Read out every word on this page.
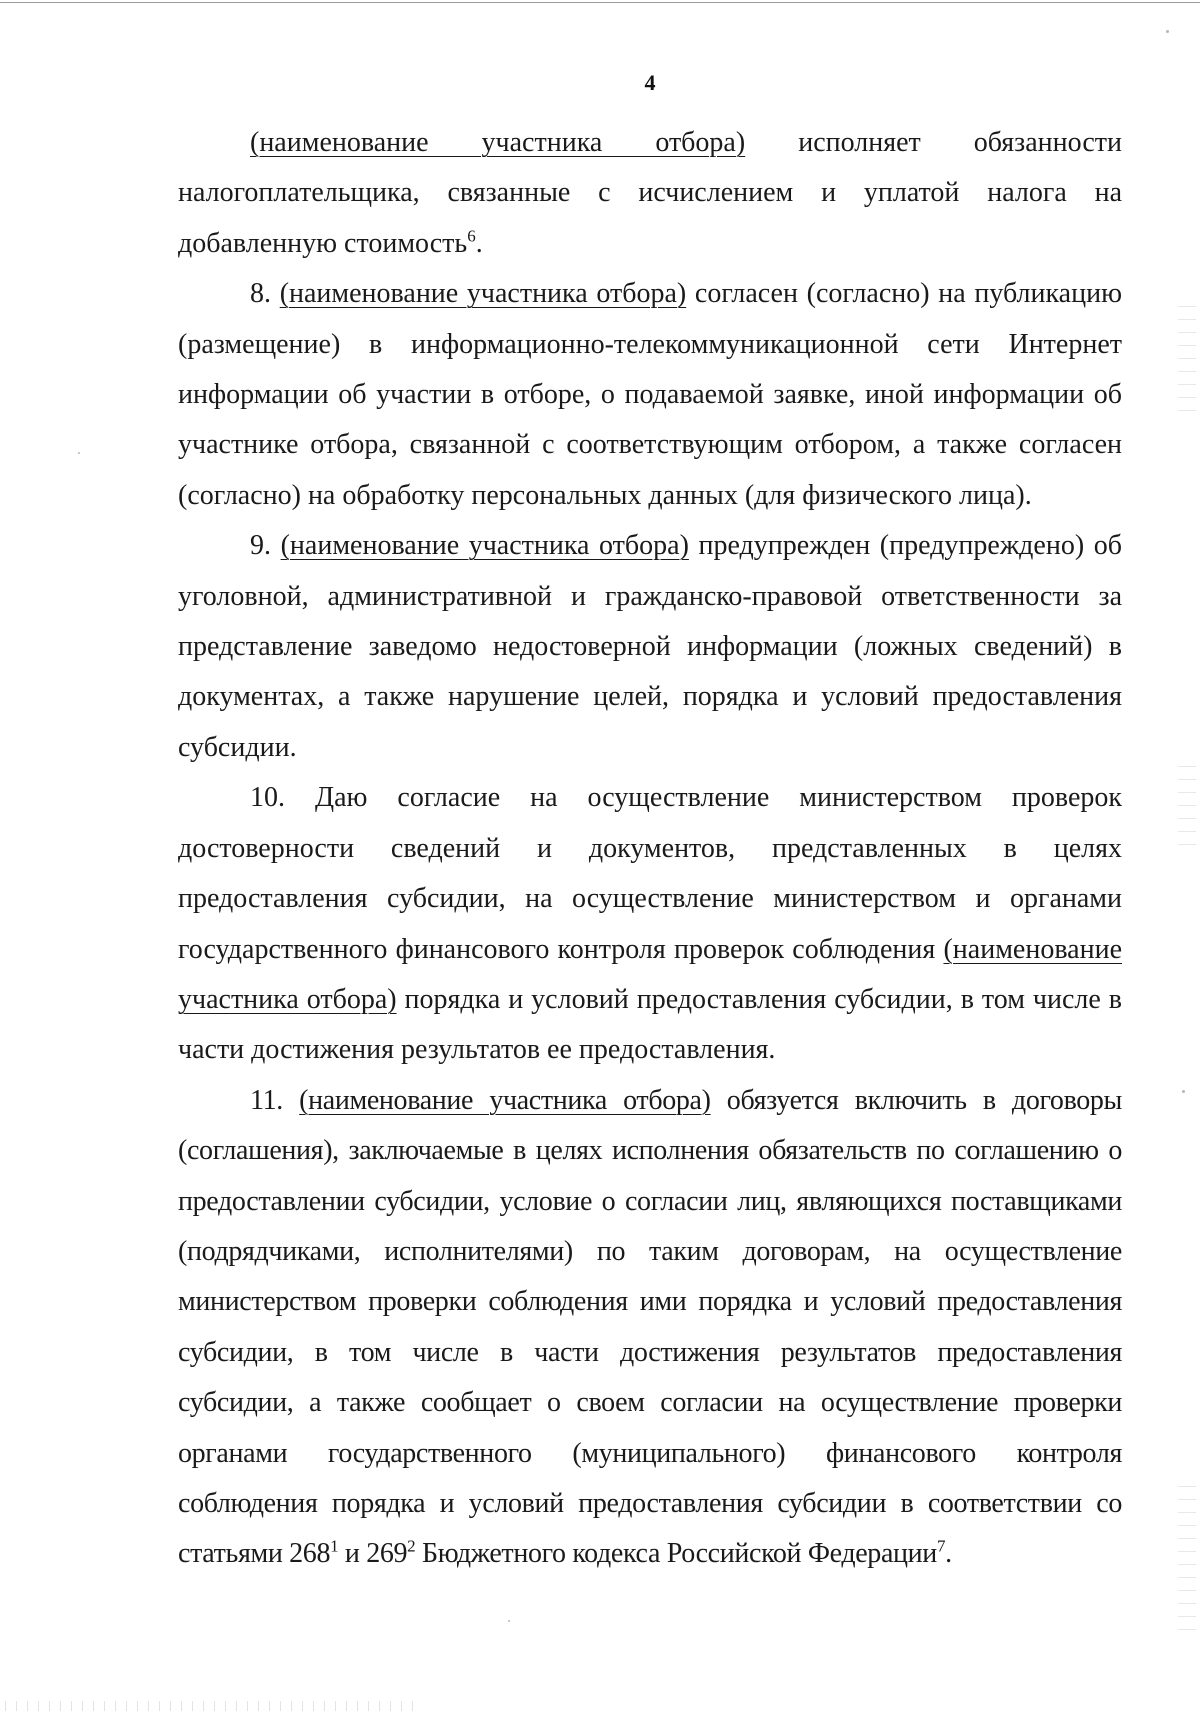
4

(наименование участника отбора) исполняет обязанности налогоплательщика, связанные с исчислением и уплатой налога на добавленную стоимость$^6$.

8. (наименование участника отбора) согласен (согласно) на публикацию (размещение) в информационно-телекоммуникационной сети Интернет информации об участии в отборе, о подаваемой заявке, иной информации об участнике отбора, связанной с соответствующим отбором, а также согласен (согласно) на обработку персональных данных (для физического лица).

9. (наименование участника отбора) предупрежден (предупреждено) об уголовной, административной и гражданско-правовой ответственности за представление заведомо недостоверной информации (ложных сведений) в документах, а также нарушение целей, порядка и условий предоставления субсидии.

10. Даю согласие на осуществление министерством проверок достоверности сведений и документов, представленных в целях предоставления субсидии, на осуществление министерством и органами государственного финансового контроля проверок соблюдения (наименование участника отбора) порядка и условий предоставления субсидии, в том числе в части достижения результатов ее предоставления.

11. (наименование участника отбора) обязуется включить в договоры (соглашения), заключаемые в целях исполнения обязательств по соглашению о предоставлении субсидии, условие о согласии лиц, являющихся поставщиками (подрядчиками, исполнителями) по таким договорам, на осуществление министерством проверки соблюдения ими порядка и условий предоставления субсидии, в том числе в части достижения результатов предоставления субсидии, а также сообщает о своем согласии на осуществление проверки органами государственного (муниципального) финансового контроля соблюдения порядка и условий предоставления субсидии в соответствии со статьями $268^1$ и $269^2$ Бюджетного кодекса Российской Федерации$^7$.
